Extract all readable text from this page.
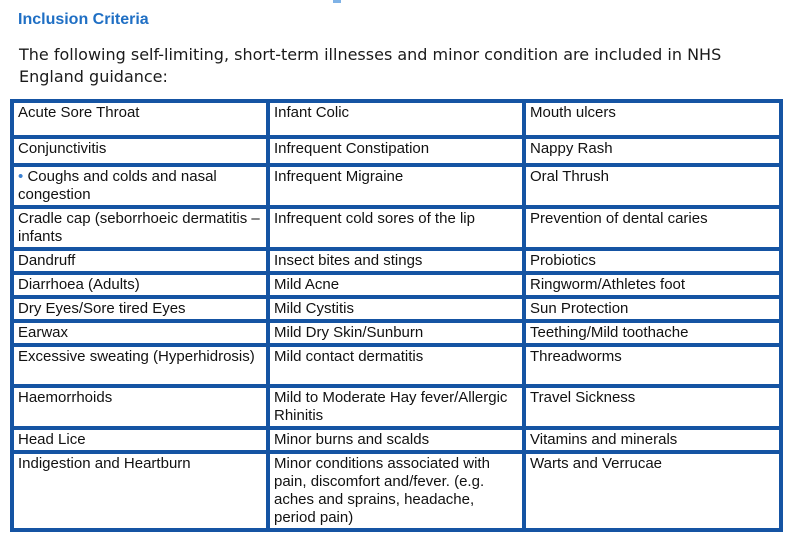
Inclusion Criteria
The following self-limiting, short-term illnesses and minor condition are included in NHS England guidance:
Acute Sore Throat	Infant Colic	Mouth ulcers
Conjunctivitis	Infrequent Constipation	Nappy Rash
• Coughs and colds and nasal congestion	Infrequent Migraine	Oral Thrush
Cradle cap (seborrhoeic dermatitis – infants	Infrequent cold sores of the lip	Prevention of dental caries
Dandruff	Insect bites and stings	Probiotics
Diarrhoea (Adults)	Mild Acne	Ringworm/Athletes foot
Dry Eyes/Sore tired Eyes	Mild Cystitis	Sun Protection
Earwax	Mild Dry Skin/Sunburn	Teething/Mild toothache
Excessive sweating (Hyperhidrosis)	Mild contact dermatitis	Threadworms
Haemorrhoids	Mild to Moderate Hay fever/Allergic Rhinitis	Travel Sickness
Head Lice	Minor burns and scalds	Vitamins and minerals
Indigestion and Heartburn	Minor conditions associated with pain, discomfort and/fever. (e.g. aches and sprains, headache, period pain)	Warts and Verrucae
